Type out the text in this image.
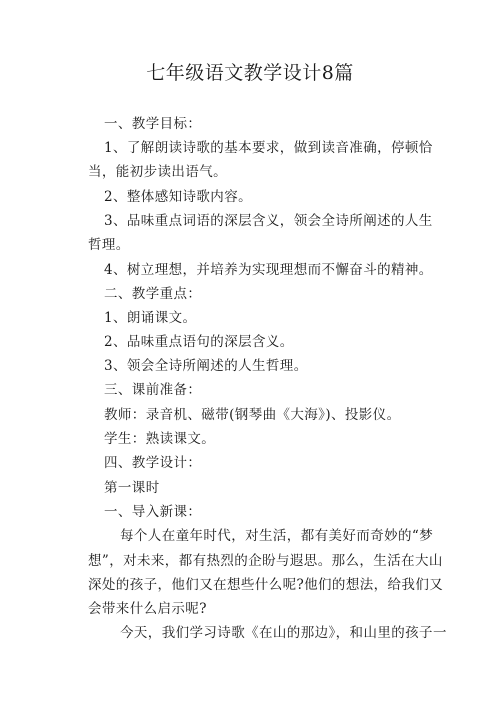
七年级语文教学设计8篇
一、教学目标：
1、了解朗读诗歌的基本要求，做到读音准确，停顿恰
当，能初步读出语气。
2、整体感知诗歌内容。
3、品味重点词语的深层含义，领会全诗所阐述的人生
哲理。
4、树立理想，并培养为实现理想而不懈奋斗的精神。
二、教学重点：
1、朗诵课文。
2、品味重点语句的深层含义。
3、领会全诗所阐述的人生哲理。
三、课前准备：
教师：录音机、磁带(钢琴曲《大海》)、投影仪。
学生：熟读课文。
四、教学设计：
第一课时
一、导入新课：
每个人在童年时代，对生活，都有美好而奇妙的“梦
想”，对未来，都有热烈的企盼与遐思。那么，生活在大山
深处的孩子，他们又在想些什么呢?他们的想法，给我们又
会带来什么启示呢?
今天，我们学习诗歌《在山的那边》，和山里的孩子一
